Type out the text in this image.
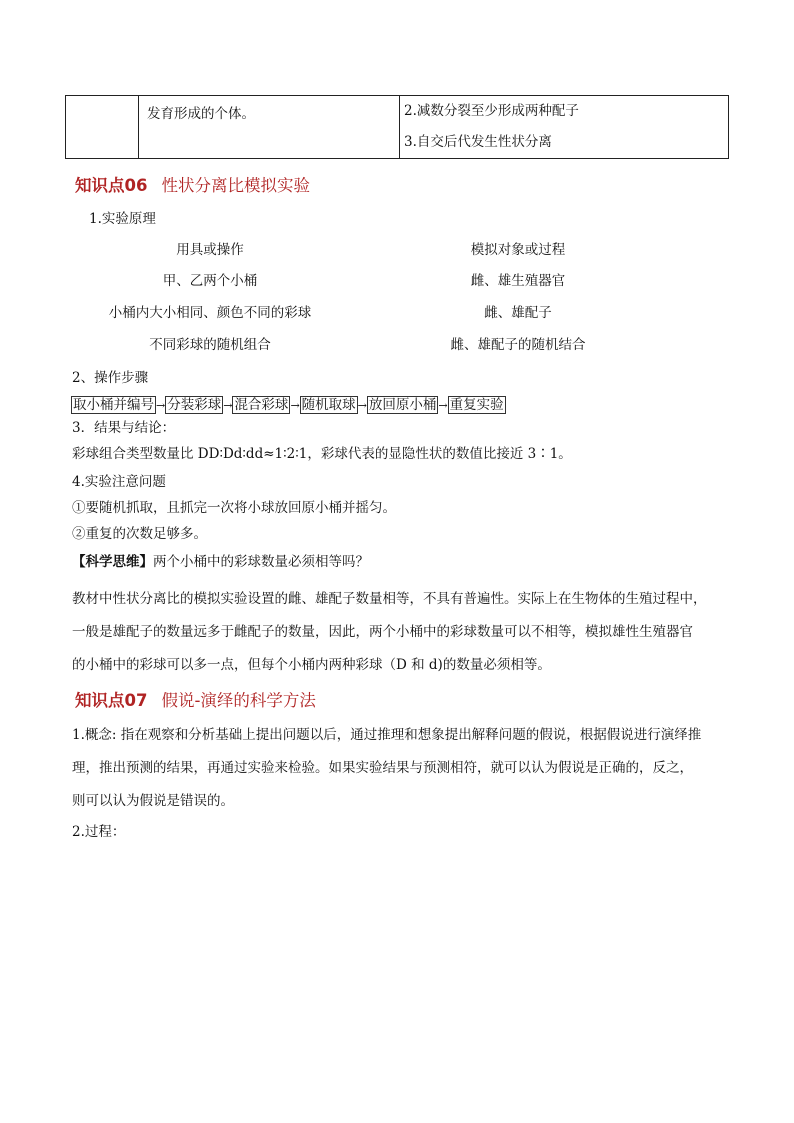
	发育形成的个体。	2.减数分裂至少形成两种配子
3.自交后代发生性状分离
知识点06 性状分离比模拟实验
1.实验原理
用具或操作	模拟对象或过程
甲、乙两个小桶	雌、雄生殖器官
小桶内大小相同、颜色不同的彩球	雌、雄配子
不同彩球的随机组合	雌、雄配子的随机结合
2、操作步骤
取小桶并编号 → 分装彩球 → 混合彩球 → 随机取球 → 放回原小桶 → 重复实验
3．结果与结论：
彩球组合类型数量比 DD∶Dd∶dd≈1∶2∶1，彩球代表的显隐性状的数值比接近 3∶1。
4.实验注意问题
①要随机抓取，且抓完一次将小球放回原小桶并摇匀。
②重复的次数足够多。
【科学思维】两个小桶中的彩球数量必须相等吗？
教材中性状分离比的模拟实验设置的雌、雄配子数量相等，不具有普遍性。实际上在生物体的生殖过程中，
一般是雄配子的数量远多于雌配子的数量，因此，两个小桶中的彩球数量可以不相等，模拟雄性生殖器官
的小桶中的彩球可以多一点，但每个小桶内两种彩球（D 和 d)的数量必须相等。
知识点07 假说-演绎的科学方法
1.概念: 指在观察和分析基础上提出问题以后，通过推理和想象提出解释问题的假说，根据假说进行演绎推
理，推出预测的结果，再通过实验来检验。如果实验结果与预测相符，就可以认为假说是正确的，反之，
则可以认为假说是错误的。
2.过程：
